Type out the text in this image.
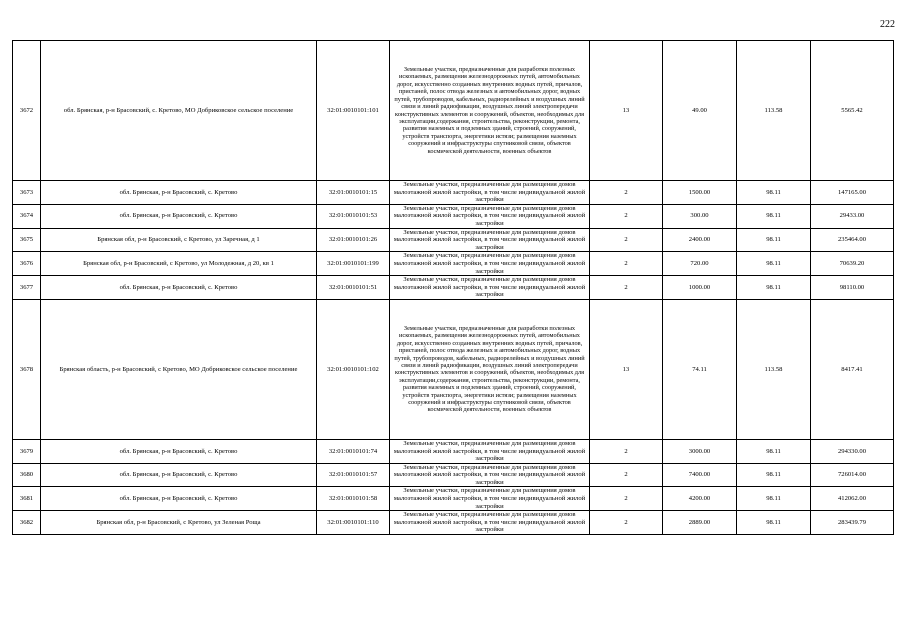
222
3672	обл. Брянская, р-н Брасовский, с. Кретово, МО Добриковское сельское поселение	32:01:0010101:101	Земельные участки, предназначенные для разработки полезных ископаемых, размещения железнодорожных путей, автомобильных дорог, искусственно созданных внутренних водных путей, причалов, пристаней, полос отвода железных и автомобильных дорог, водных путей, трубопроводов, кабельных, радиорелейных и воздушных линий связи и линий радиофикации, воздушных линий электропередачи конструктивных элементов и сооружений, объектов, необходимых для эксплуатации,содержания, строительства, реконструкции, ремонта, развития наземных и подземных зданий, строений, сооружений, устройств транспорта, энергетики истязи; размещения наземных сооружений и инфраструктуры спутниковой связи, объектов космической деятельности, военных объектов	13	49.00	113.58	5565.42
3673	обл. Брянская, р-н Брасовский, с. Кретово	32:01:0010101:15	Земельные участки, предназначенные для размещения домов малоэтажной жилой застройки, в том числе индивидуальной жилой застройки	2	1500.00	98.11	147165.00
3674	обл. Брянская, р-н Брасовский, с. Кретово	32:01:0010101:53	Земельные участки, предназначенные для размещения домов малоэтажной жилой застройки, в том числе индивидуальной жилой застройки	2	300.00	98.11	29433.00
3675	Брянская обл, р-н Брасовский, с Кретово, ул Заречная, д 1	32:01:0010101:26	Земельные участки, предназначенные для размещения домов малоэтажной жилой застройки, в том числе индивидуальной жилой застройки	2	2400.00	98.11	235464.00
3676	Брянская обл, р-н Брасовский, с Кретово, ул Молодежная, д 20, кв 1	32:01:0010101:199	Земельные участки, предназначенные для размещения домов малоэтажной жилой застройки, в том числе индивидуальной жилой застройки	2	720.00	98.11	70639.20
3677	обл. Брянская, р-н Брасовский, с. Кретово	32:01:0010101:51	Земельные участки, предназначенные для размещения домов малоэтажной жилой застройки, в том числе индивидуальной жилой застройки	2	1000.00	98.11	98110.00
3678	Брянская область, р-н Брасовский, с Кретово, МО Добриковское сельское поселение	32:01:0010101:102	Земельные участки, предназначенные для разработки полезных ископаемых, размещения железнодорожных путей, автомобильных дорог, искусственно созданных внутренних водных путей, причалов, пристаней, полос отвода железных и автомобильных дорог, водных путей, трубопроводов, кабельных, радиорелейных и воздушных линий связи и линий радиофикации, воздушных линий электропередачи конструктивных элементов и сооружений, объектов, необходимых для эксплуатации,содержания, строительства, реконструкции, ремонта, развития наземных и подземных зданий, строений, сооружений, устройств транспорта, энергетики истязи; размещения наземных сооружений и инфраструктуры спутниковой связи, объектов космической деятельности, военных объектов	13	74.11	113.58	8417.41
3679	обл. Брянская, р-н Брасовский, с. Кретово	32:01:0010101:74	Земельные участки, предназначенные для размещения домов малоэтажной жилой застройки, в том числе индивидуальной жилой застройки	2	3000.00	98.11	294330.00
3680	обл. Брянская, р-н Брасовский, с. Кретово	32:01:0010101:57	Земельные участки, предназначенные для размещения домов малоэтажной жилой застройки, в том числе индивидуальной жилой застройки	2	7400.00	98.11	726014.00
3681	обл. Брянская, р-н Брасовский, с. Кретово	32:01:0010101:58	Земельные участки, предназначенные для размещения домов малоэтажной жилой застройки, в том числе индивидуальной жилой застройки	2	4200.00	98.11	412062.00
3682	Брянская обл, р-н Брасовский, с Кретово, ул Зеленая Роща	32:01:0010101:110	Земельные участки, предназначенные для размещения домов малоэтажной жилой застройки, в том числе индивидуальной жилой застройки	2	2889.00	98.11	283439.79
